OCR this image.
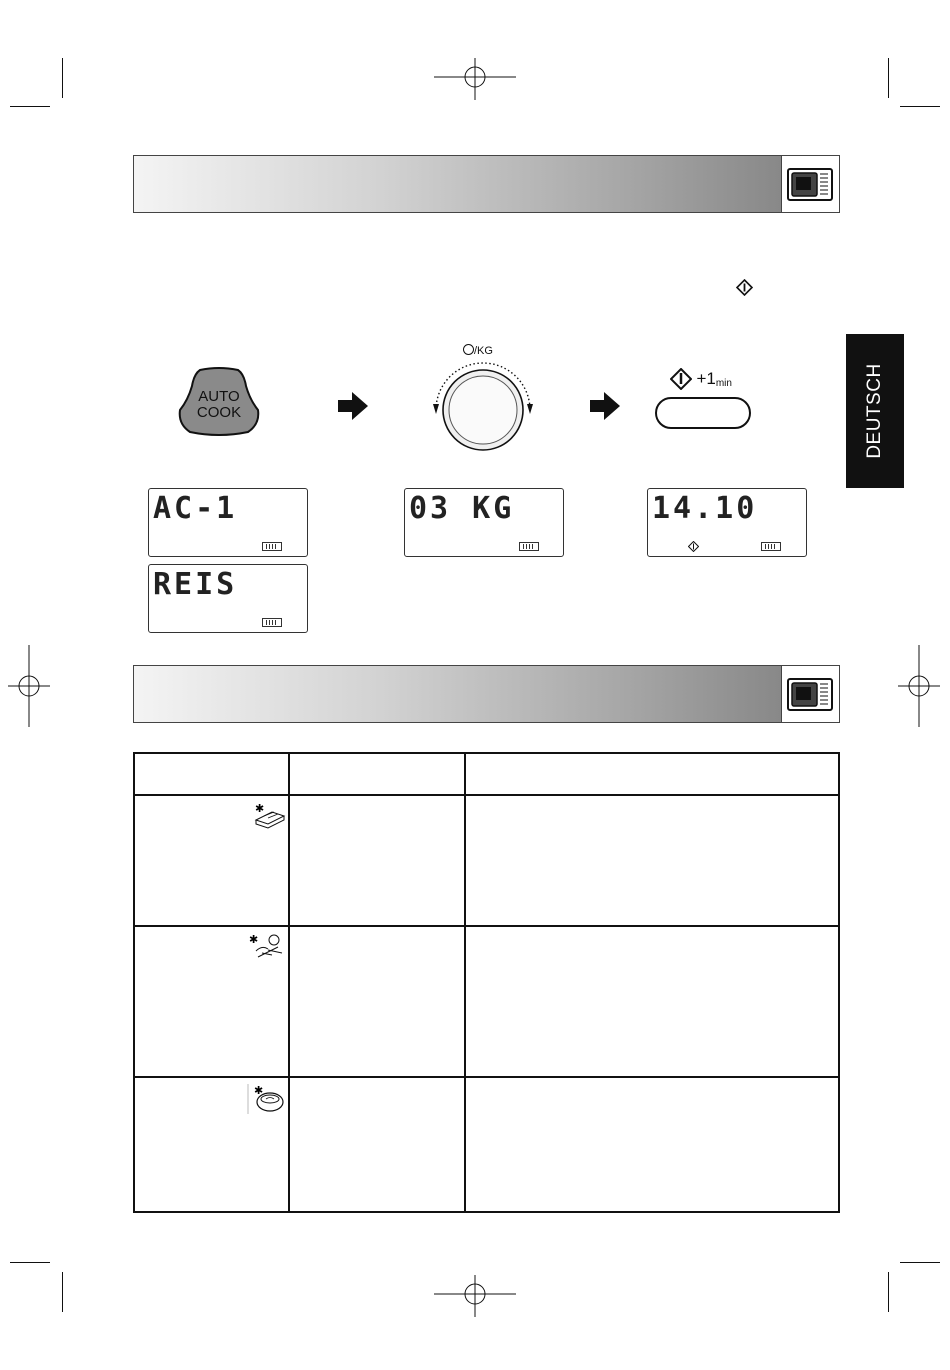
DEUTSCH
AUTO
COOK
/KG
+1min
AC-1
REIS
03 KG	14.10

✱		

✱		

✱		
